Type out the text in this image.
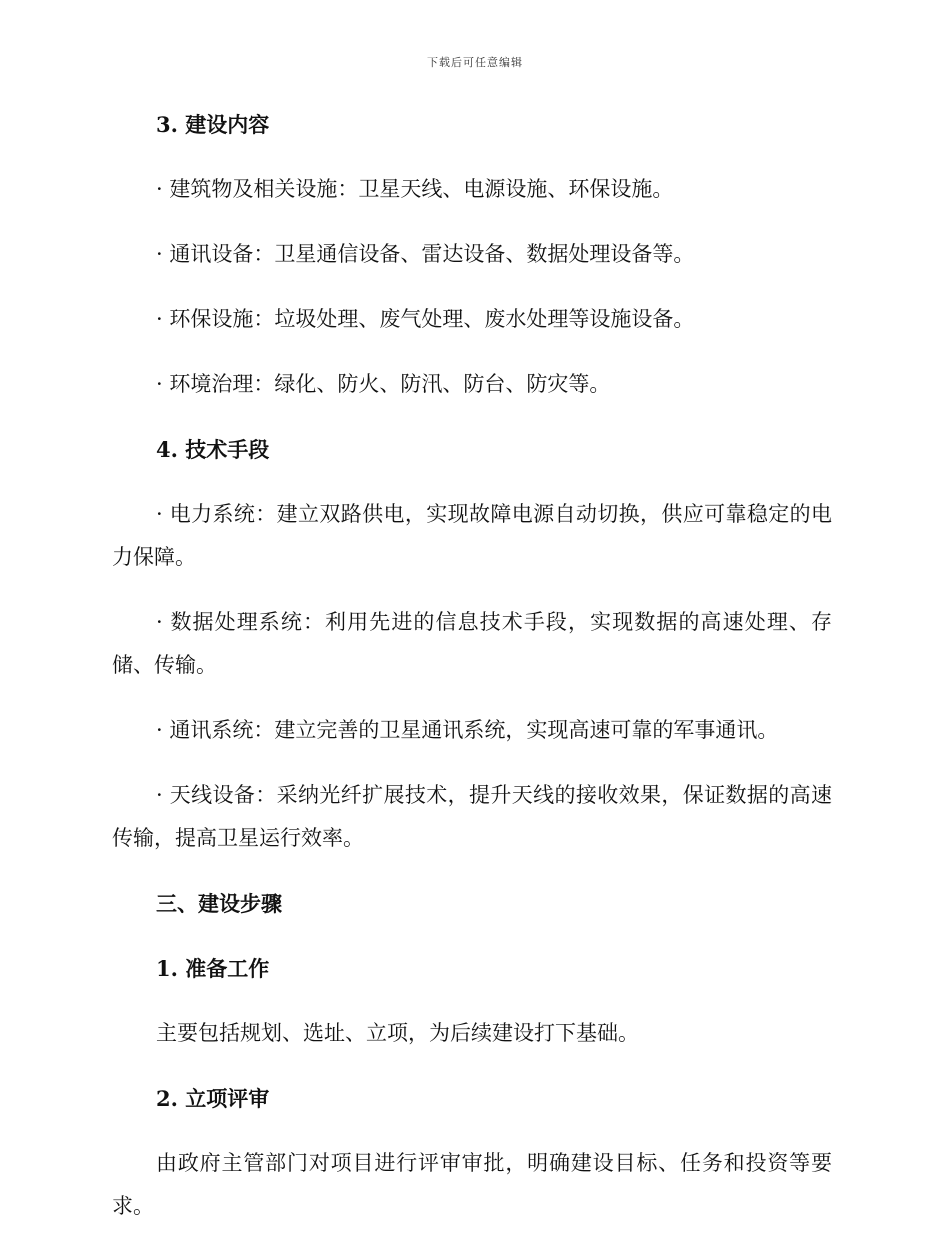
下载后可任意编辑

3. 建设内容

· 建筑物及相关设施：卫星天线、电源设施、环保设施。

· 通讯设备：卫星通信设备、雷达设备、数据处理设备等。

· 环保设施：垃圾处理、废气处理、废水处理等设施设备。

· 环境治理：绿化、防火、防汛、防台、防灾等。

4. 技术手段

· 电力系统：建立双路供电，实现故障电源自动切换，供应可靠稳定的电力保障。

· 数据处理系统：利用先进的信息技术手段，实现数据的高速处理、存储、传输。

· 通讯系统：建立完善的卫星通讯系统，实现高速可靠的军事通讯。

· 天线设备：采纳光纤扩展技术，提升天线的接收效果，保证数据的高速传输，提高卫星运行效率。

三、建设步骤

1. 准备工作

主要包括规划、选址、立项，为后续建设打下基础。

2. 立项评审

由政府主管部门对项目进行评审审批，明确建设目标、任务和投资等要求。
